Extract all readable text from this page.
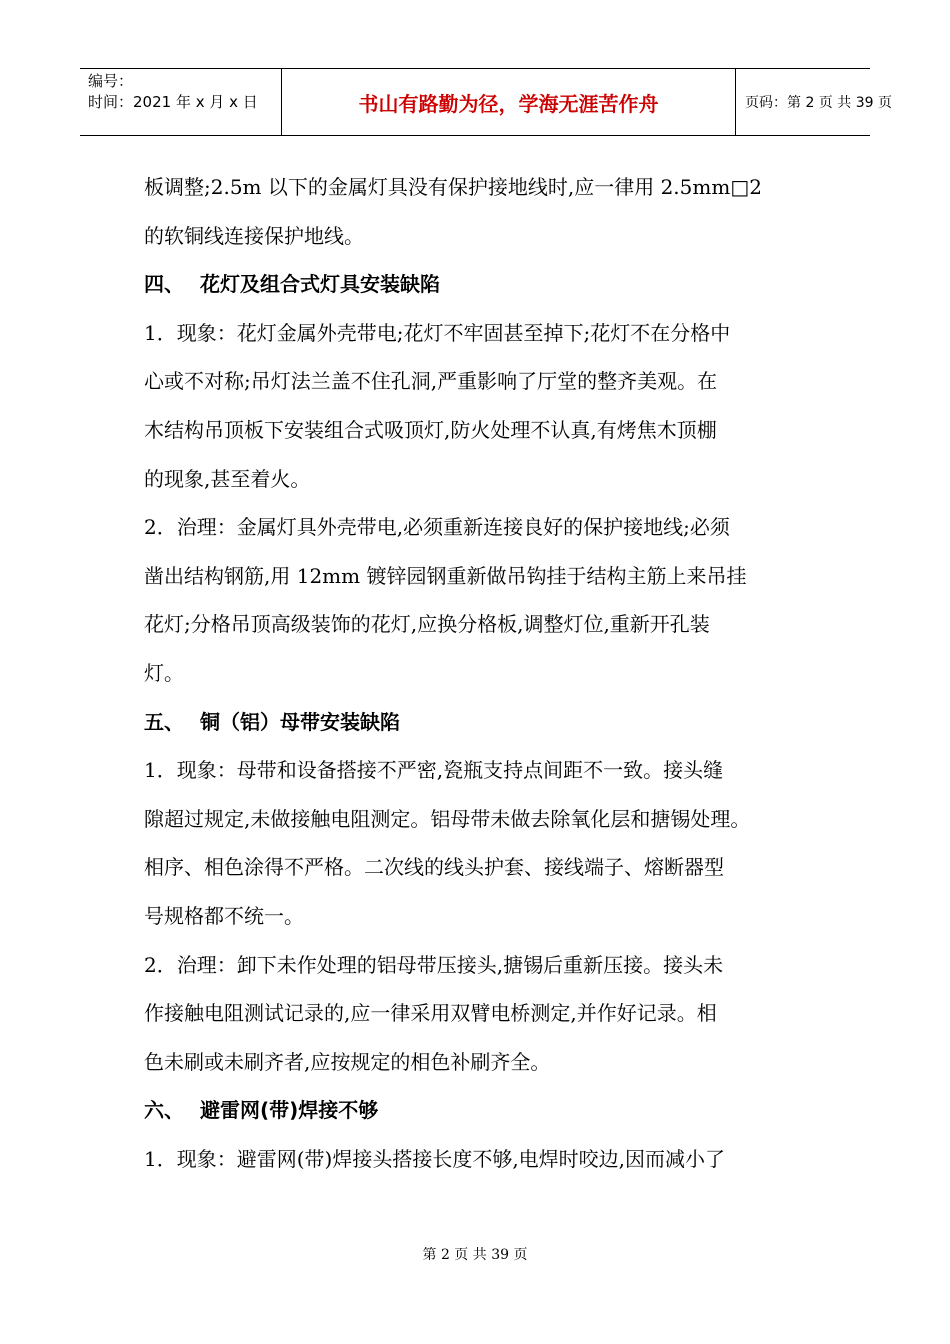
编号：
时间：2021 年 x 月 x 日	书山有路勤为径，学海无涯苦作舟	页码：第 2 页 共 39 页
板调整;2.5m 以下的金属灯具没有保护接地线时,应一律用 2.5mm□2
的软铜线连接保护地线。
四、 花灯及组合式灯具安装缺陷
1．现象：花灯金属外壳带电;花灯不牢固甚至掉下;花灯不在分格中
心或不对称;吊灯法兰盖不住孔洞,严重影响了厅堂的整齐美观。在
木结构吊顶板下安装组合式吸顶灯,防火处理不认真,有烤焦木顶棚
的现象,甚至着火。
2．治理：金属灯具外壳带电,必须重新连接良好的保护接地线;必须
凿出结构钢筋,用 12mm 镀锌园钢重新做吊钩挂于结构主筋上来吊挂
花灯;分格吊顶高级装饰的花灯,应换分格板,调整灯位,重新开孔装
灯。
五、 铜（铝）母带安装缺陷
1．现象：母带和设备搭接不严密,瓷瓶支持点间距不一致。接头缝
隙超过规定,未做接触电阻测定。铝母带未做去除氧化层和搪锡处理。
相序、相色涂得不严格。二次线的线头护套、接线端子、熔断器型
号规格都不统一。
2．治理：卸下未作处理的铝母带压接头,搪锡后重新压接。接头未
作接触电阻测试记录的,应一律采用双臂电桥测定,并作好记录。相
色未刷或未刷齐者,应按规定的相色补刷齐全。
六、 避雷网(带)焊接不够
1．现象：避雷网(带)焊接头搭接长度不够,电焊时咬边,因而减小了
第 2 页 共 39 页
